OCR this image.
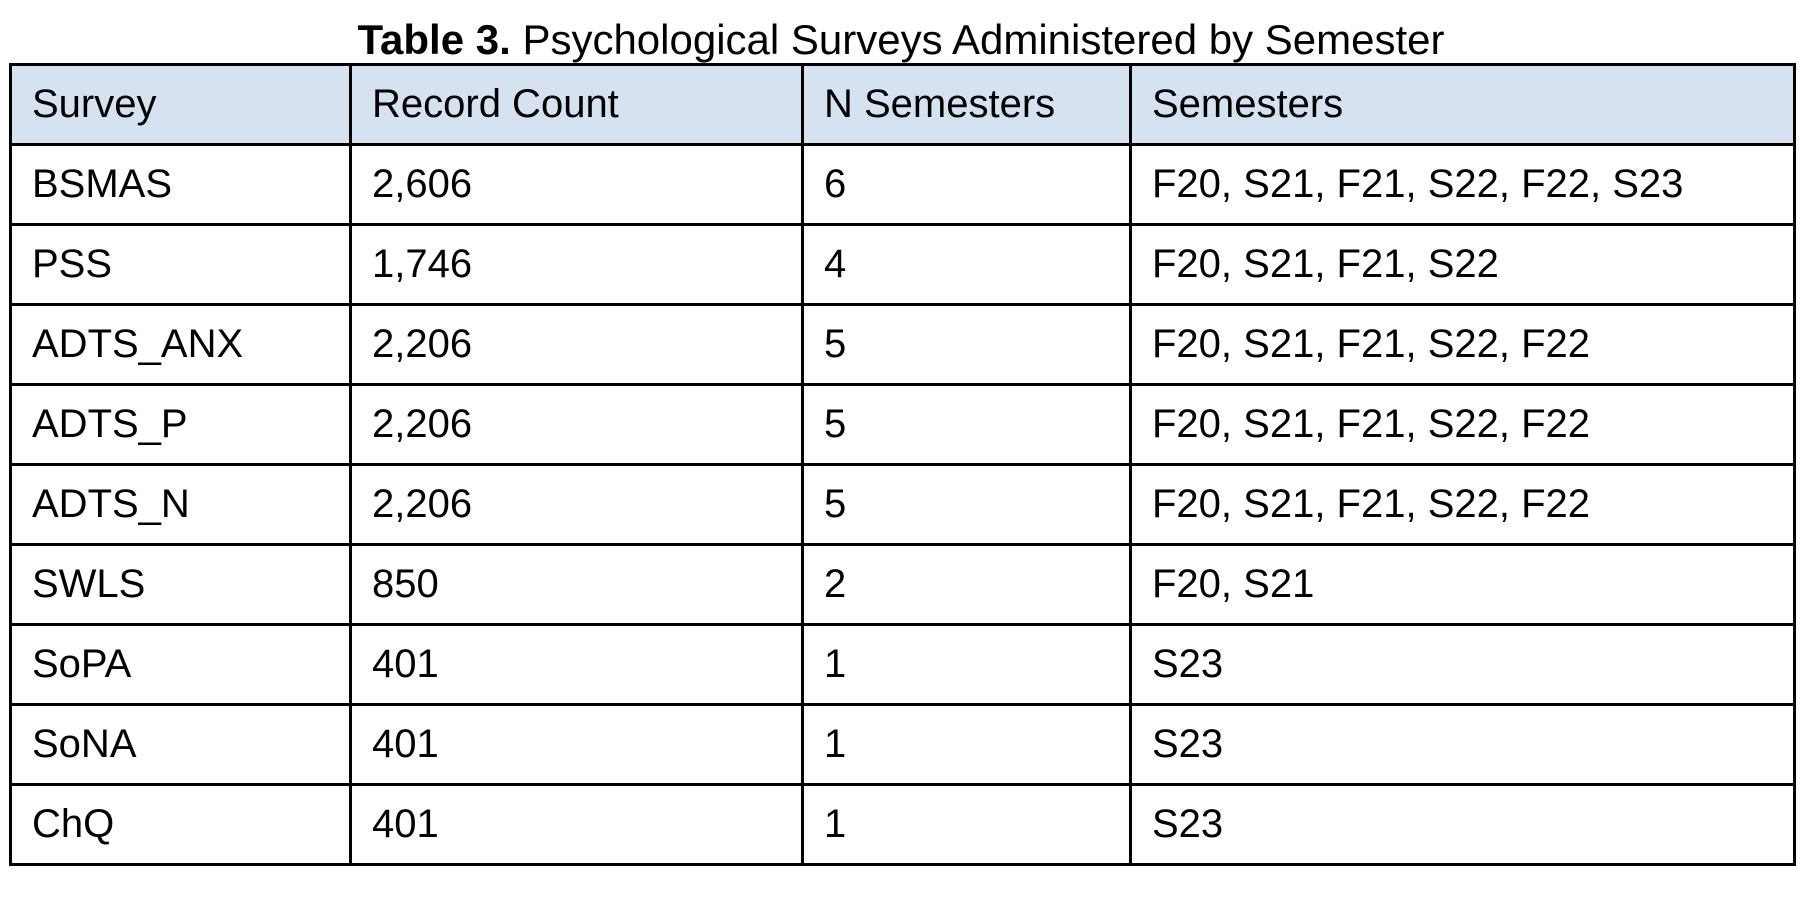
Table 3. Psychological Surveys Administered by Semester
Survey	Record Count	N Semesters	Semesters
BSMAS	2,606	6	F20, S21, F21, S22, F22, S23
PSS	1,746	4	F20, S21, F21, S22
ADTS_ANX	2,206	5	F20, S21, F21, S22, F22
ADTS_P	2,206	5	F20, S21, F21, S22, F22
ADTS_N	2,206	5	F20, S21, F21, S22, F22
SWLS	850	2	F20, S21
SoPA	401	1	S23
SoNA	401	1	S23
ChQ	401	1	S23
